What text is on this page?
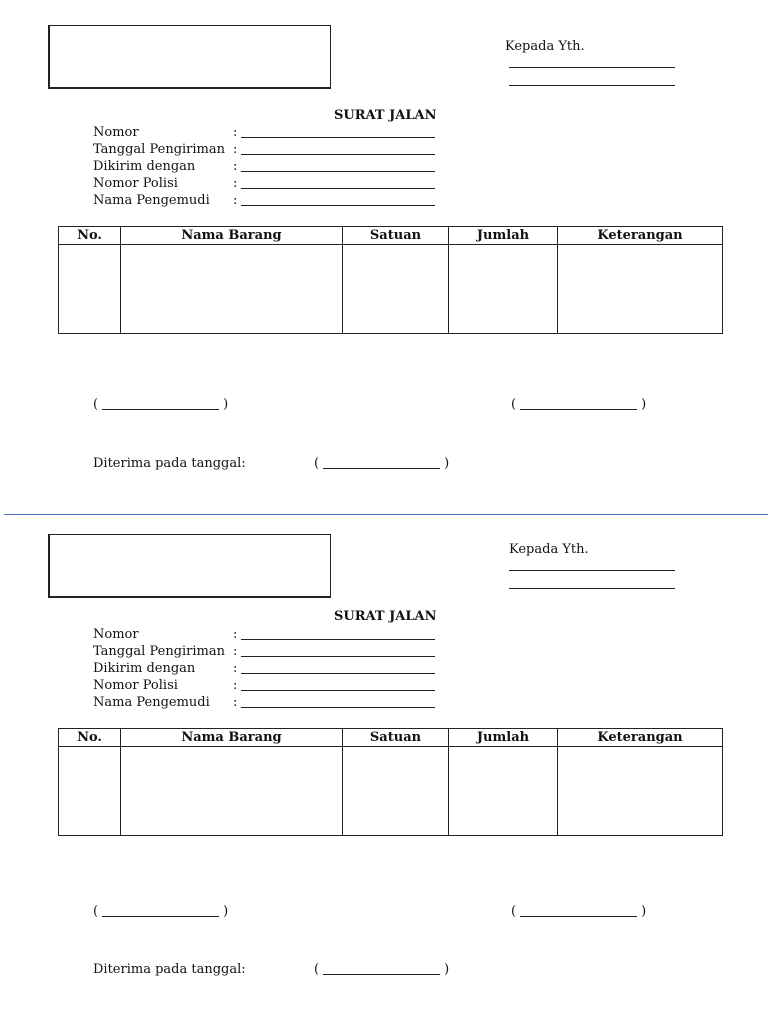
Kepada Yth.
SURAT JALAN
Nomor	:
Tanggal Pengiriman :
Dikirim dengan	:
Nomor Polisi	:
Nama Pengemudi :
No.	Nama Barang	Satuan	Jumlah	Keterangan

(	)	(	)
Diterima pada tanggal:	(	)
Kepada Yth.
SURAT JALAN
Nomor	:
Tanggal Pengiriman :
Dikirim dengan	:
Nomor Polisi	:
Nama Pengemudi :
No.	Nama Barang	Satuan	Jumlah	Keterangan

(	)	(	)
Diterima pada tanggal:	(	)
